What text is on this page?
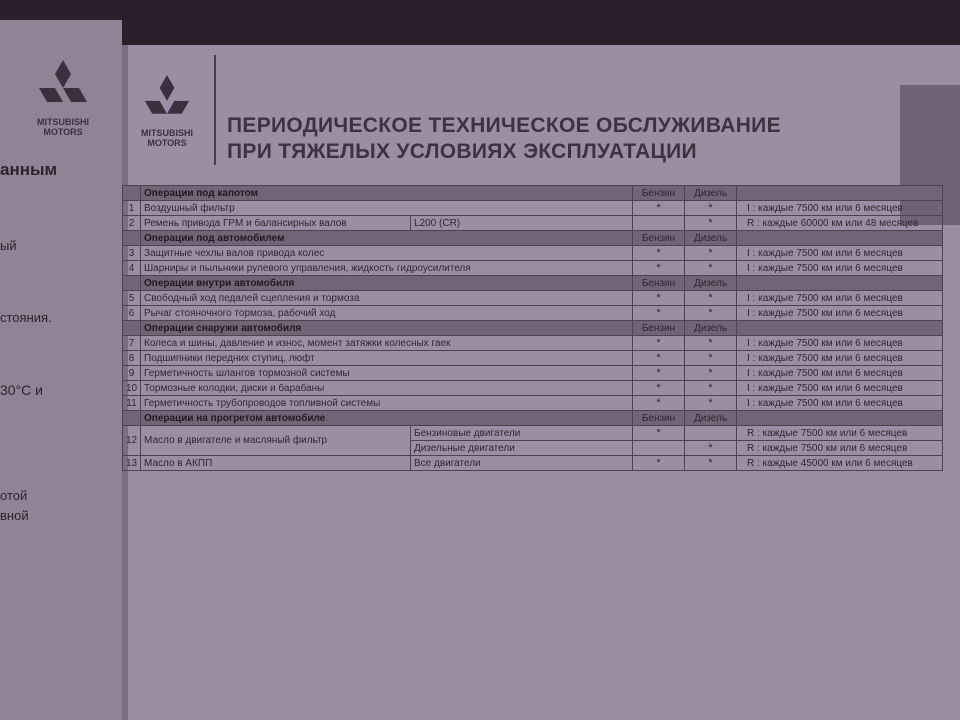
MITSUBISHI
MOTORS
анным
ый
стояния.
30°C и
отой
вной
MITSUBISHI
MOTORS
ПЕРИОДИЧЕСКОЕ ТЕХНИЧЕСКОЕ ОБСЛУЖИВАНИЕ
ПРИ ТЯЖЕЛЫХ УСЛОВИЯХ ЭКСПЛУАТАЦИИ
	Операции под капотом		Бензин	Дизель	
1	Воздушный фильтр		*	*	I : каждые 7500 км или 6 месяцев
2	Ремень привода ГРМ и балансирных валов	L200 (CR)		*	R : каждые 60000 км или 48 месяцев
	Операции под автомобилем		Бензин	Дизель	
3	Защитные чехлы валов привода колес		*	*	I : каждые 7500 км или 6 месяцев
4	Шарниры и пыльники рулевого управления, жидкость гидроусилителя		*	*	I : каждые 7500 км или 6 месяцев
	Операции внутри автомобиля		Бензин	Дизель	
5	Свободный ход педалей сцепления и тормоза		*	*	I : каждые 7500 км или 6 месяцев
6	Рычаг стояночного тормоза, рабочий ход		*	*	I : каждые 7500 км или 6 месяцев
	Операции снаружи автомобиля		Бензин	Дизель	
7	Колеса и шины, давление и износ, момент затяжки колесных гаек		*	*	I : каждые 7500 км или 6 месяцев
8	Подшипники передних ступиц, люфт		*	*	I : каждые 7500 км или 6 месяцев
9	Герметичность шлангов тормозной системы		*	*	I : каждые 7500 км или 6 месяцев
10	Тормозные колодки, диски и барабаны		*	*	I : каждые 7500 км или 6 месяцев
11	Герметичность трубопроводов топливной системы		*	*	I : каждые 7500 км или 6 месяцев
	Операции на прогретом автомобиле		Бензин	Дизель	
12	Масло в двигателе и масляный фильтр	Бензиновые двигатели	*		R : каждые 7500 км или 6 месяцев
		Дизельные двигатели		*	R : каждые 7500 км или 6 месяцев
13	Масло в АКПП	Все двигатели	*	*	R : каждые 45000 км или 6 месяцев
